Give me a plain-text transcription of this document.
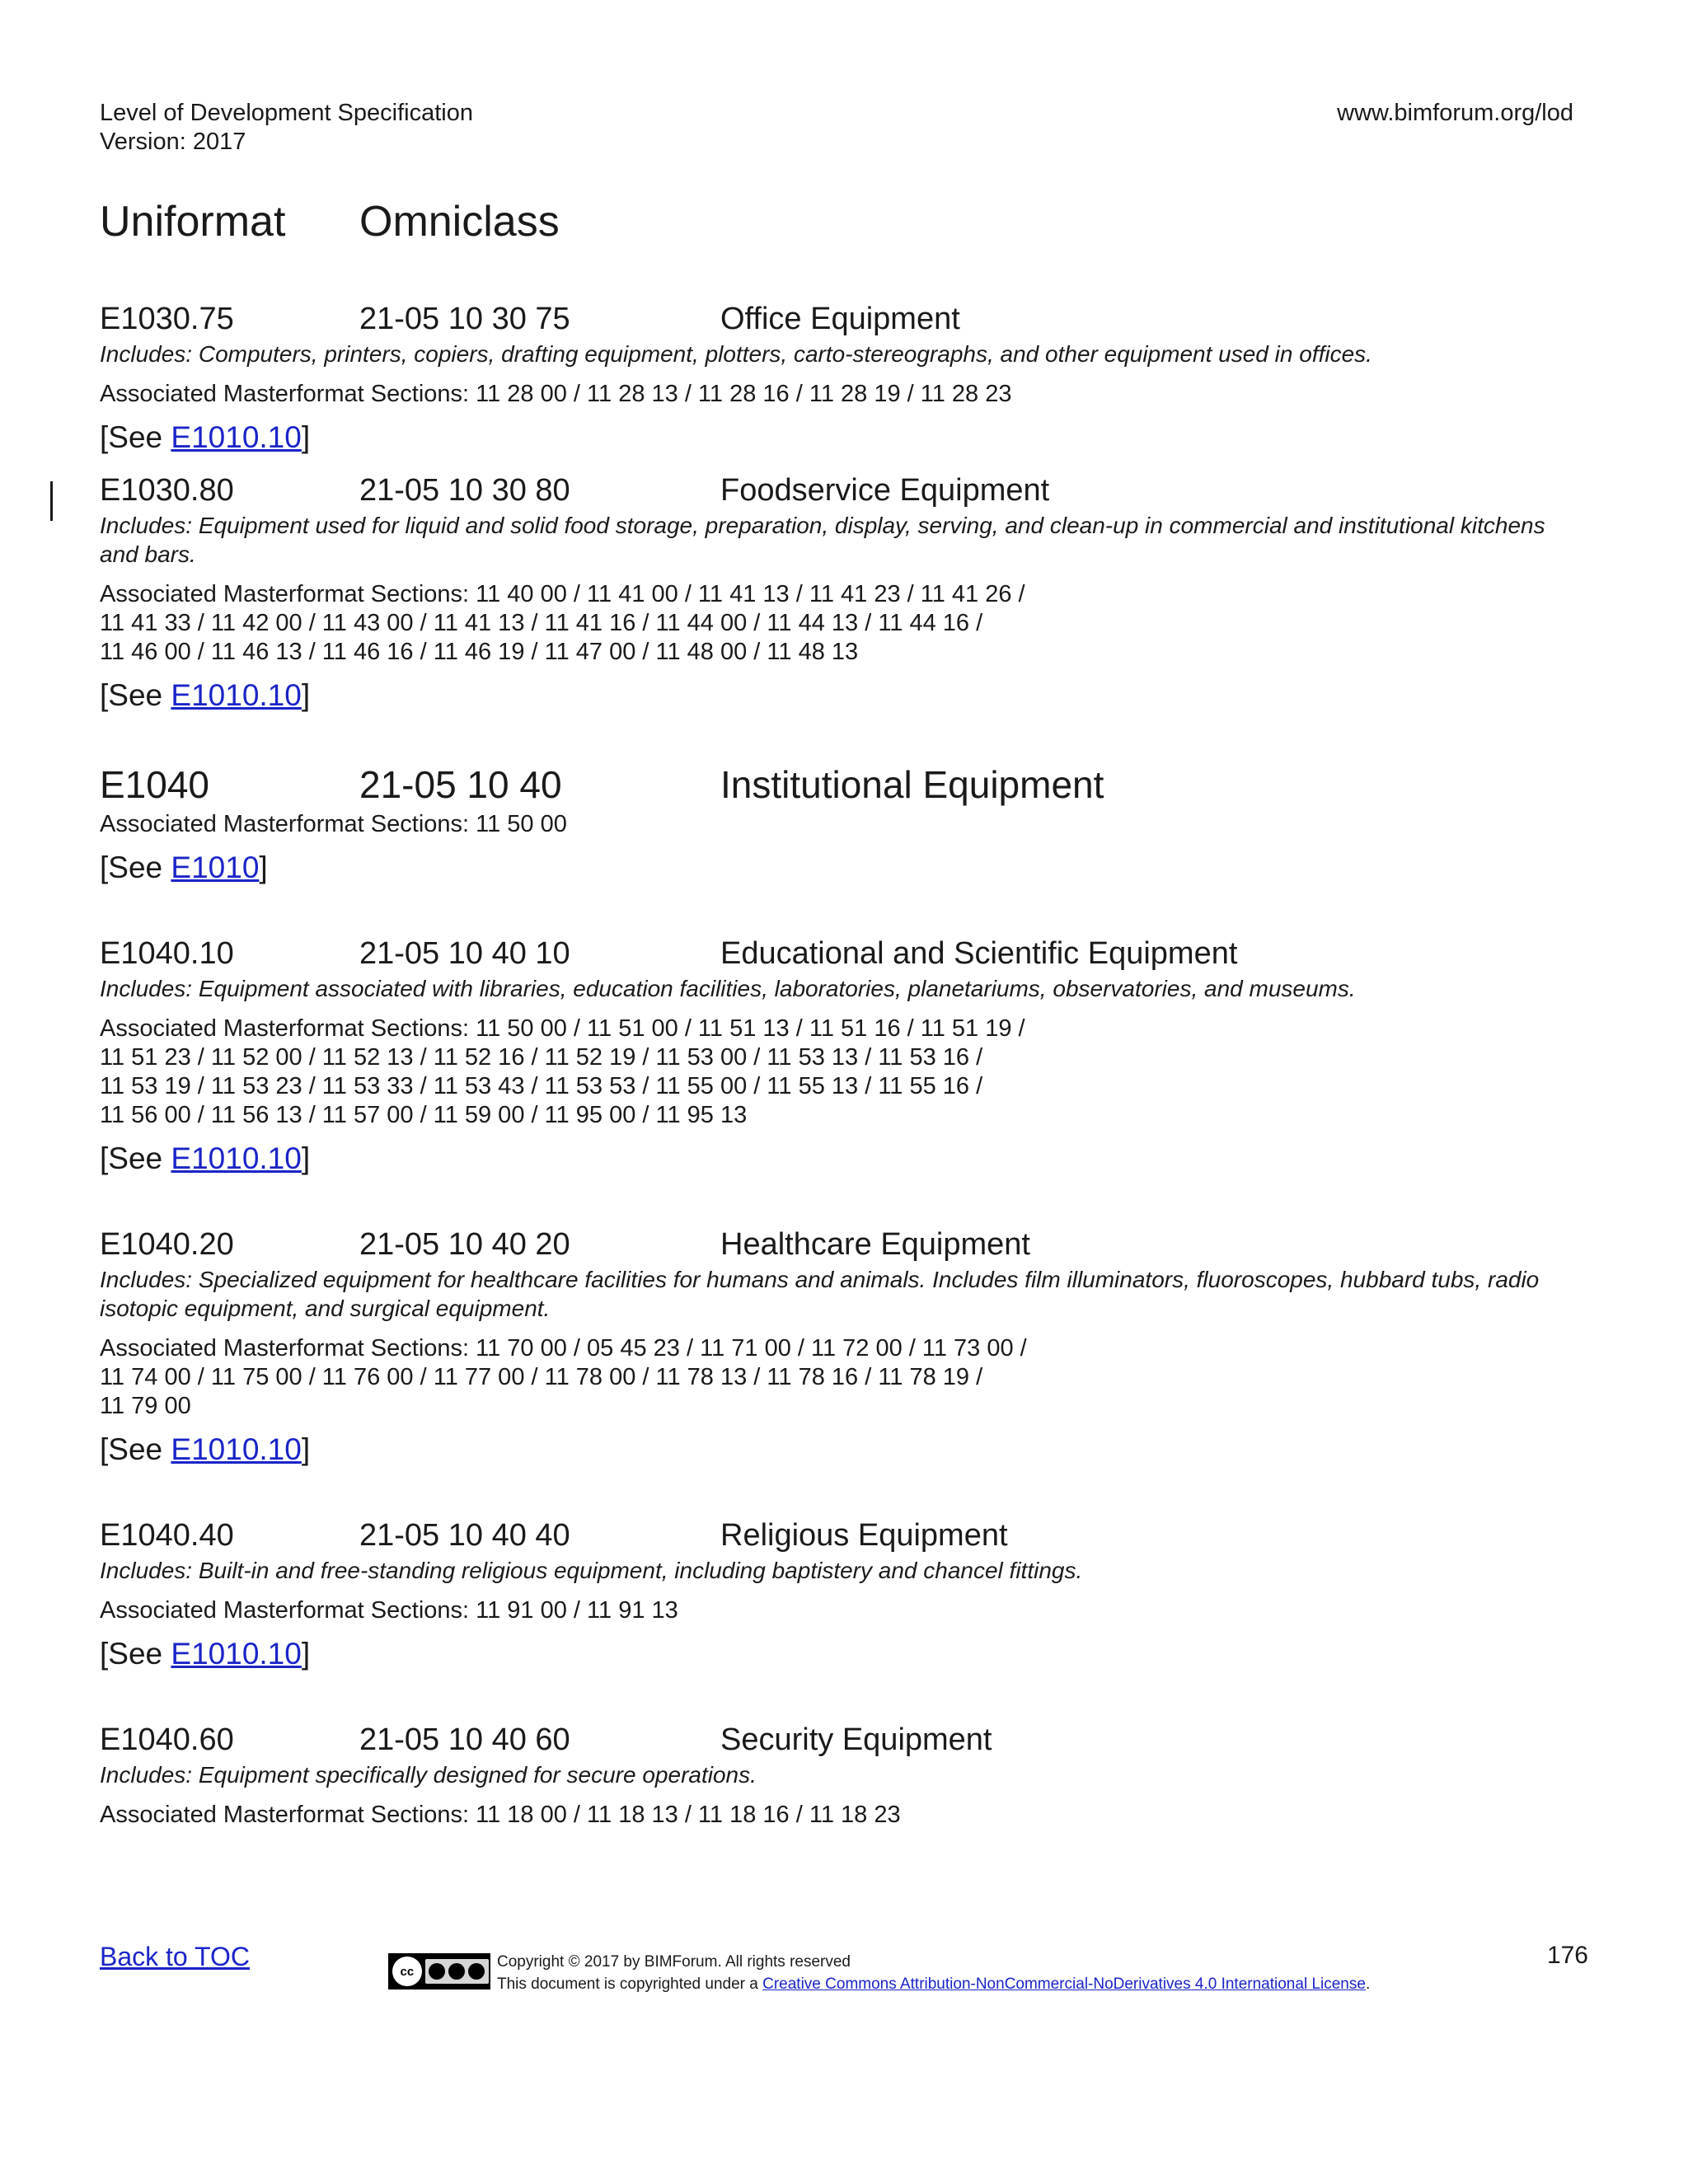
Level of Development Specification
Version: 2017
www.bimforum.org/lod
Uniformat Omniclass
E1030.75	21-05 10 30 75	Office Equipment

Includes: Computers, printers, copiers, drafting equipment, plotters, carto-stereographs, and other equipment used in offices.

Associated Masterformat Sections: 11 28 00 / 11 28 13 / 11 28 16 / 11 28 19 / 11 28 23

[See E1010.10]

E1030.80	21-05 10 30 80	Foodservice Equipment

Includes: Equipment used for liquid and solid food storage, preparation, display, serving, and clean-up in commercial and institutional kitchens and bars.

Associated Masterformat Sections: 11 40 00 / 11 41 00 / 11 41 13 / 11 41 23 / 11 41 26 /
11 41 33 / 11 42 00 / 11 43 00 / 11 41 13 / 11 41 16 / 11 44 00 / 11 44 13 / 11 44 16 /
11 46 00 / 11 46 13 / 11 46 16 / 11 46 19 / 11 47 00 / 11 48 00 / 11 48 13

[See E1010.10]

E1040	21-05 10 40	Institutional Equipment

Associated Masterformat Sections: 11 50 00

[See E1010]

E1040.10	21-05 10 40 10	Educational and Scientific Equipment

Includes: Equipment associated with libraries, education facilities, laboratories, planetariums, observatories, and museums.

Associated Masterformat Sections: 11 50 00 / 11 51 00 / 11 51 13 / 11 51 16 / 11 51 19 /
11 51 23 / 11 52 00 / 11 52 13 / 11 52 16 / 11 52 19 / 11 53 00 / 11 53 13 / 11 53 16 /
11 53 19 / 11 53 23 / 11 53 33 / 11 53 43 / 11 53 53 / 11 55 00 / 11 55 13 / 11 55 16 /
11 56 00 / 11 56 13 / 11 57 00 / 11 59 00 / 11 95 00 / 11 95 13

[See E1010.10]

E1040.20	21-05 10 40 20	Healthcare Equipment

Includes: Specialized equipment for healthcare facilities for humans and animals. Includes film illuminators, fluoroscopes, hubbard tubs, radio isotopic equipment, and surgical equipment.

Associated Masterformat Sections: 11 70 00 / 05 45 23 / 11 71 00 / 11 72 00 / 11 73 00 /
11 74 00 / 11 75 00 / 11 76 00 / 11 77 00 / 11 78 00 / 11 78 13 / 11 78 16 / 11 78 19 /
11 79 00

[See E1010.10]

E1040.40	21-05 10 40 40	Religious Equipment

Includes: Built-in and free-standing religious equipment, including baptistery and chancel fittings.

Associated Masterformat Sections: 11 91 00 / 11 91 13

[See E1010.10]

E1040.60	21-05 10 40 60	Security Equipment

Includes: Equipment specifically designed for secure operations.

Associated Masterformat Sections: 11 18 00 / 11 18 13 / 11 18 16 / 11 18 23

Back to TOC	cc
Copyright © 2017 by BIMForum. All rights reserved
This document is copyrighted under a Creative Commons Attribution-NonCommercial-NoDerivatives 4.0 International License.
176
